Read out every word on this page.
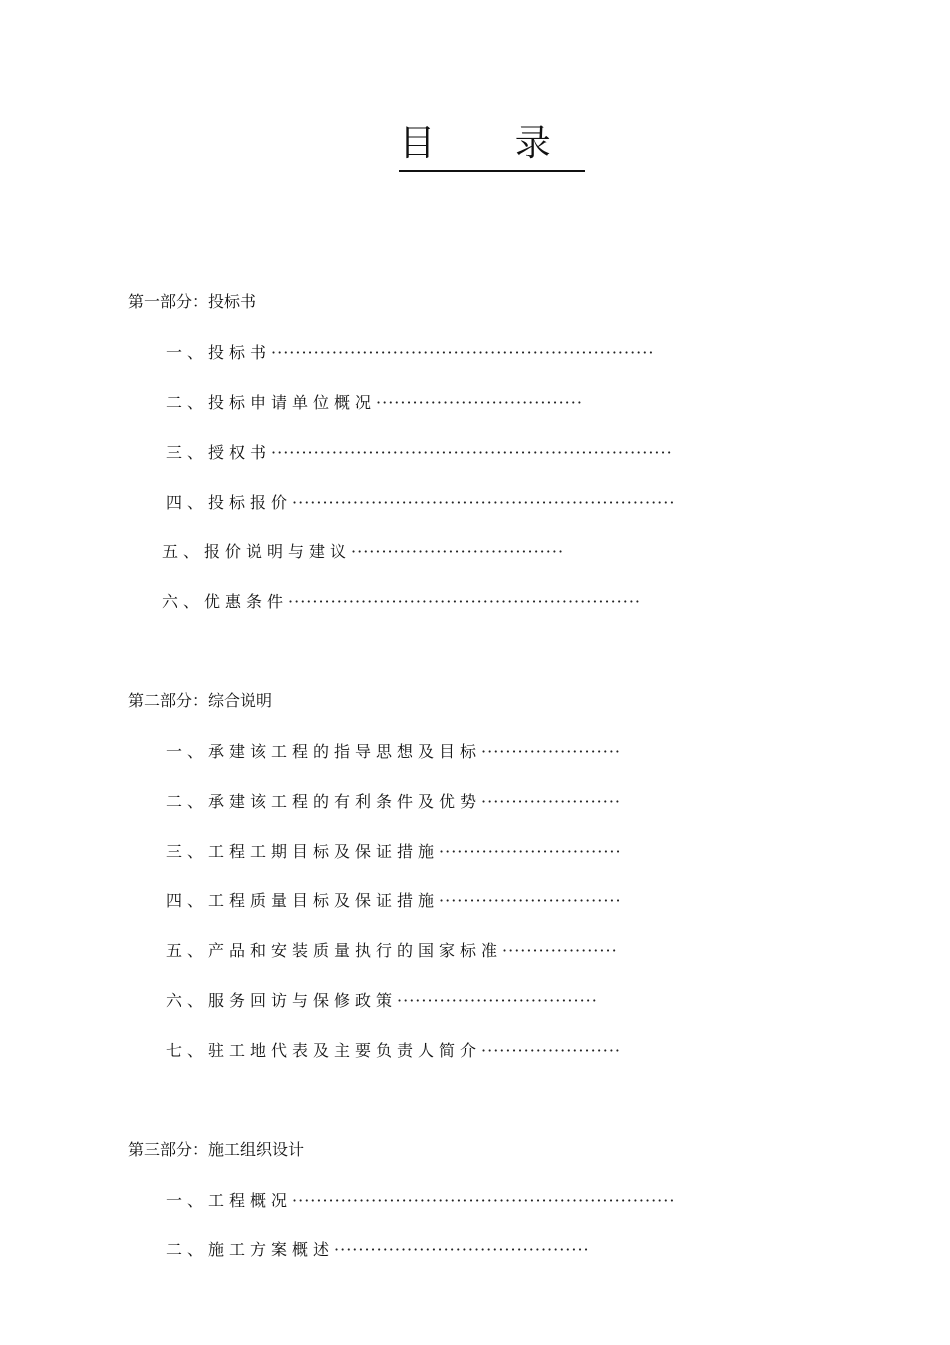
目 录
第一部分：投标书
一、投标书·······························································
二、投标申请单位概况··································
三、授权书··································································
四、投标报价·······························································
五、报价说明与建议···································
六、优惠条件··························································
第二部分：综合说明
一、承建该工程的指导思想及目标·······················
二、承建该工程的有利条件及优势·······················
三、工程工期目标及保证措施······························
四、工程质量目标及保证措施······························
五、产品和安装质量执行的国家标准···················
六、服务回访与保修政策·································
七、驻工地代表及主要负责人简介·······················
第三部分：施工组织设计
一、工程概况·······························································
二、施工方案概述··········································
